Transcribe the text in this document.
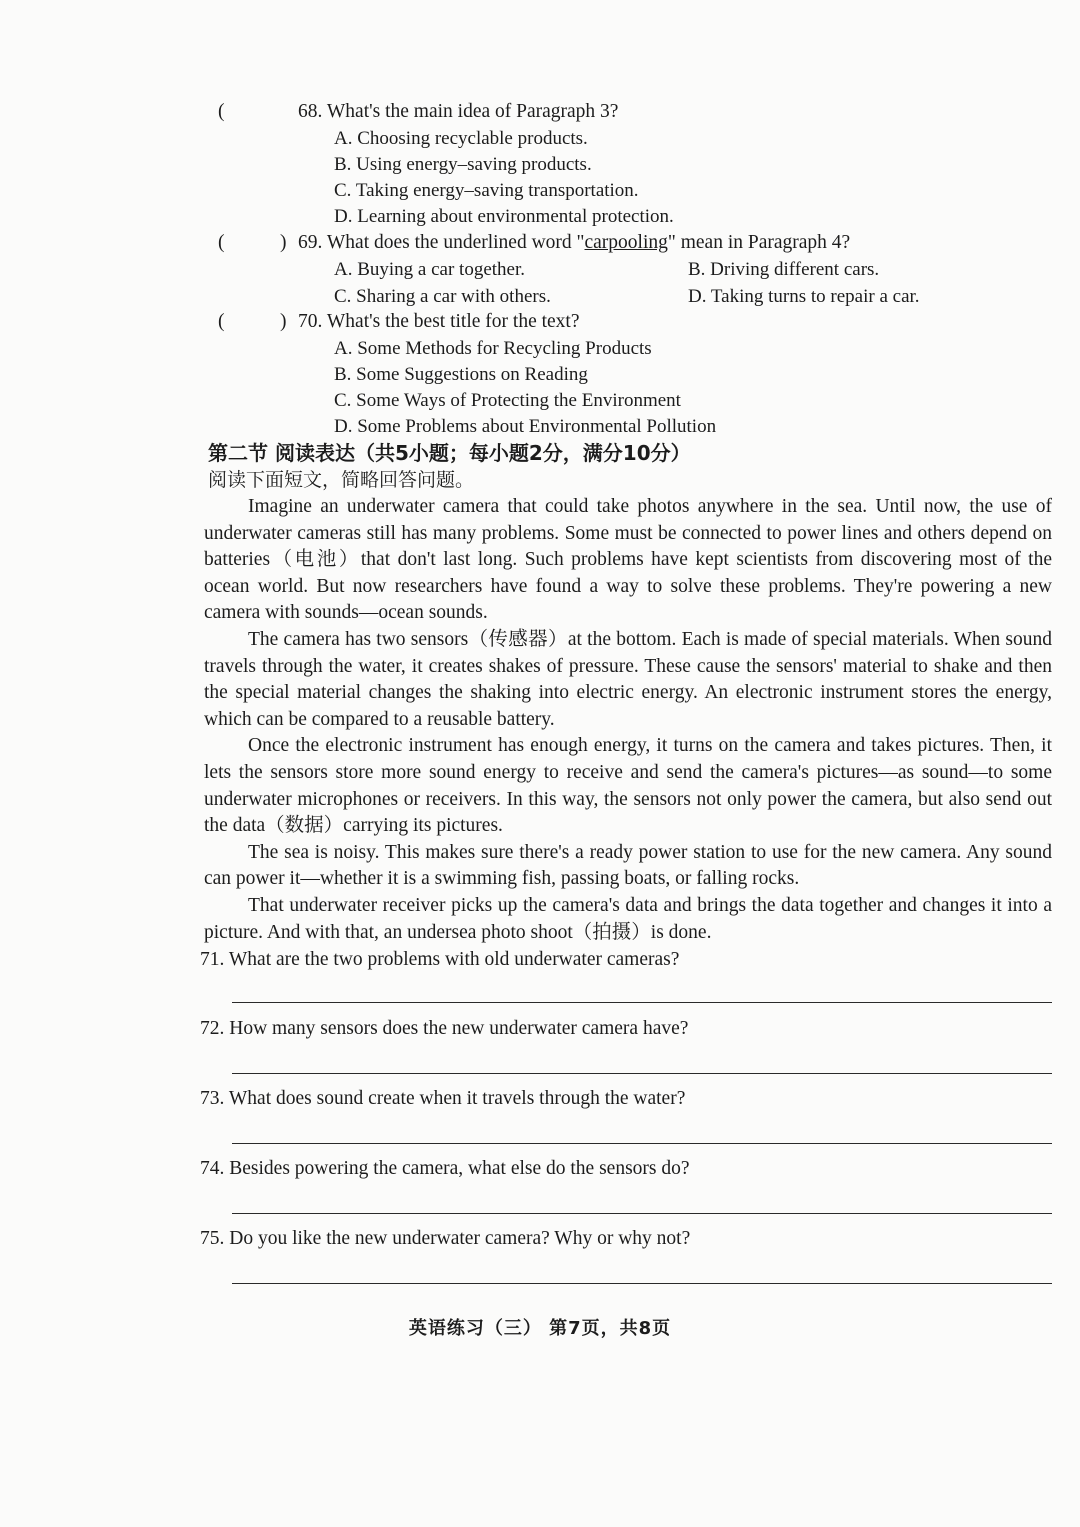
(	68. What's the main idea of Paragraph 3?
A. Choosing recyclable products.
B. Using energy–saving products.
C. Taking energy–saving transportation.
D. Learning about environmental protection.
(	) 69. What does the underlined word "carpooling" mean in Paragraph 4?
A. Buying a car together.	B. Driving different cars.
C. Sharing a car with others.	D. Taking turns to repair a car.
(	) 70. What's the best title for the text?
A. Some Methods for Recycling Products
B. Some Suggestions on Reading
C. Some Ways of Protecting the Environment
D. Some Problems about Environmental Pollution
第二节 阅读表达（共5小题；每小题2分，满分10分）
阅读下面短文，简略回答问题。

Imagine an underwater camera that could take photos anywhere in the sea. Until now, the use of underwater cameras still has many problems. Some must be connected to power lines and others depend on batteries（电池）that don't last long. Such problems have kept scientists from discovering most of the ocean world. But now researchers have found a way to solve these problems. They're powering a new camera with sounds—ocean sounds.

The camera has two sensors（传感器）at the bottom. Each is made of special materials. When sound travels through the water, it creates shakes of pressure. These cause the sensors' material to shake and then the special material changes the shaking into electric energy. An electronic instrument stores the energy, which can be compared to a reusable battery.

Once the electronic instrument has enough energy, it turns on the camera and takes pictures. Then, it lets the sensors store more sound energy to receive and send the camera's pictures—as sound—to some underwater microphones or receivers. In this way, the sensors not only power the camera, but also send out the data（数据）carrying its pictures.

The sea is noisy. This makes sure there's a ready power station to use for the new camera. Any sound can power it—whether it is a swimming fish, passing boats, or falling rocks.

That underwater receiver picks up the camera's data and brings the data together and changes it into a picture. And with that, an undersea photo shoot（拍摄）is done.

71. What are the two problems with old underwater cameras?
72. How many sensors does the new underwater camera have?
73. What does sound create when it travels through the water?
74. Besides powering the camera, what else do the sensors do?
75. Do you like the new underwater camera? Why or why not?
英语练习（三） 第7页，共8页
